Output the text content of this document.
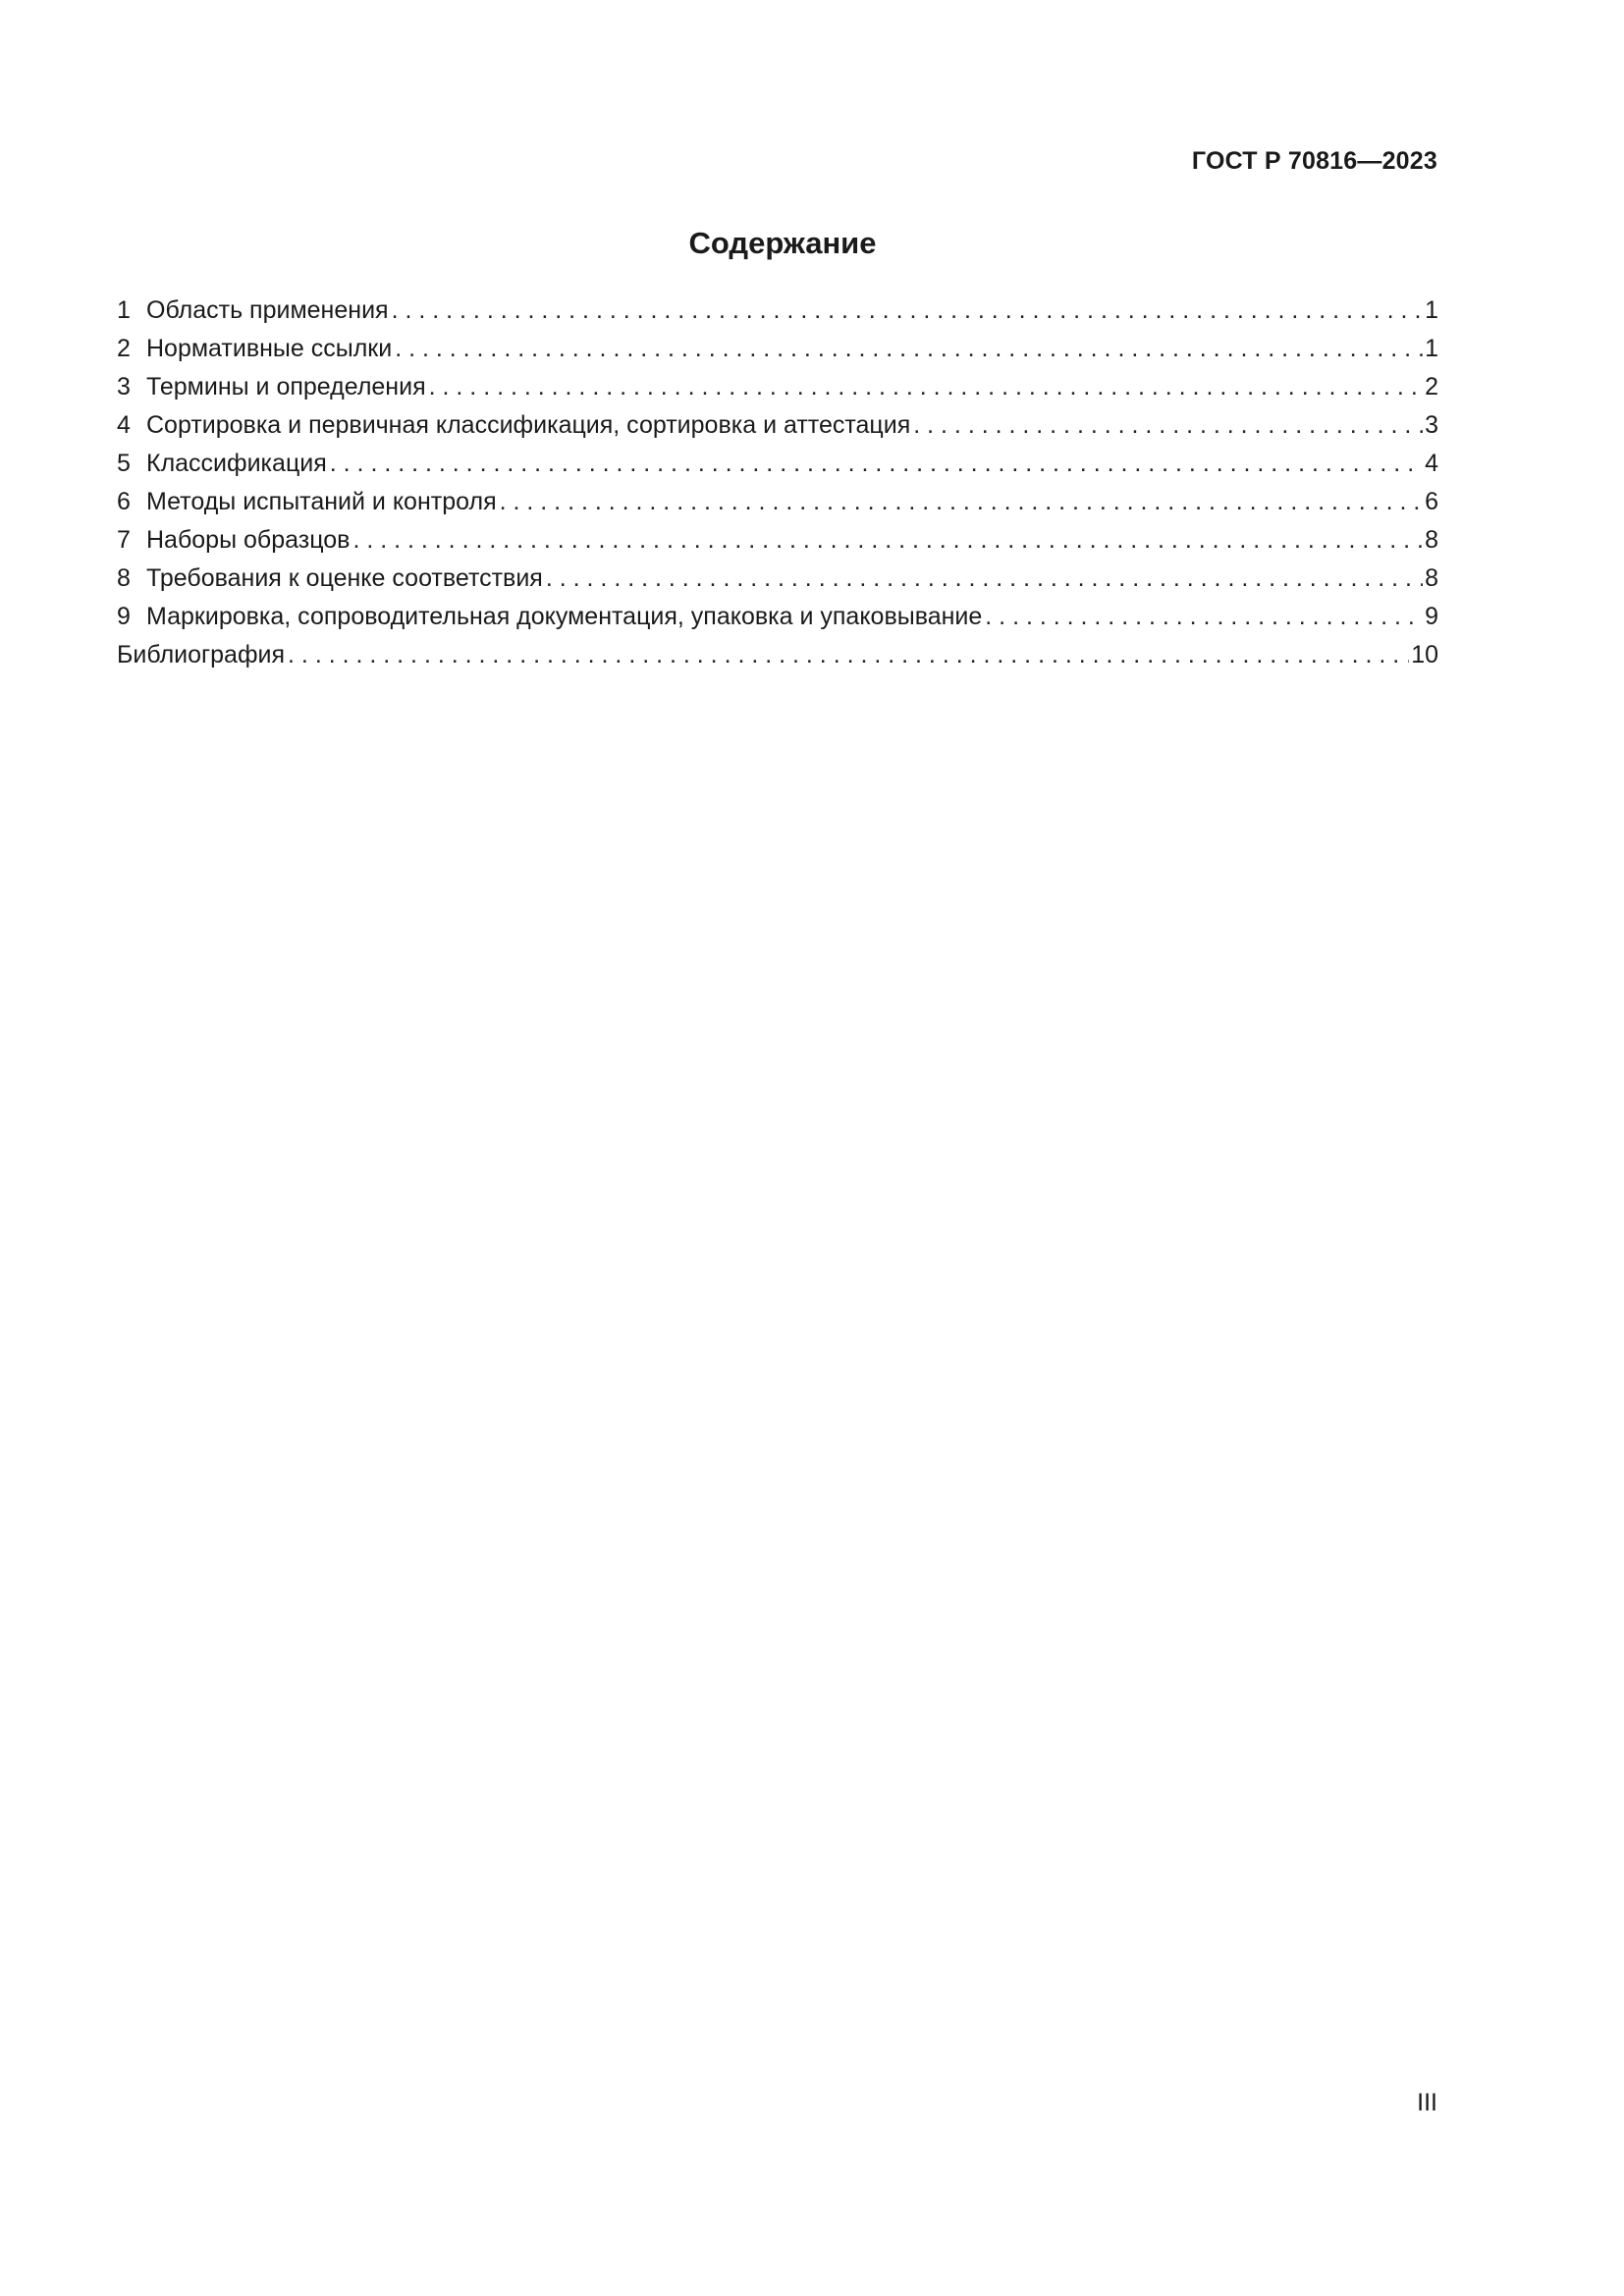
ГОСТ Р 70816—2023
Содержание
1 Область применения . . .	1
2 Нормативные ссылки . . .	1
3 Термины и определения . . .	2
4 Сортировка и первичная классификация, сортировка и аттестация . . .	3
5 Классификация . . .	4
6 Методы испытаний и контроля . . .	6
7 Наборы образцов . . .	8
8 Требования к оценке соответствия . . .	8
9 Маркировка, сопроводительная документация, упаковка и упаковывание . . .	9
Библиография . . .	10
III
